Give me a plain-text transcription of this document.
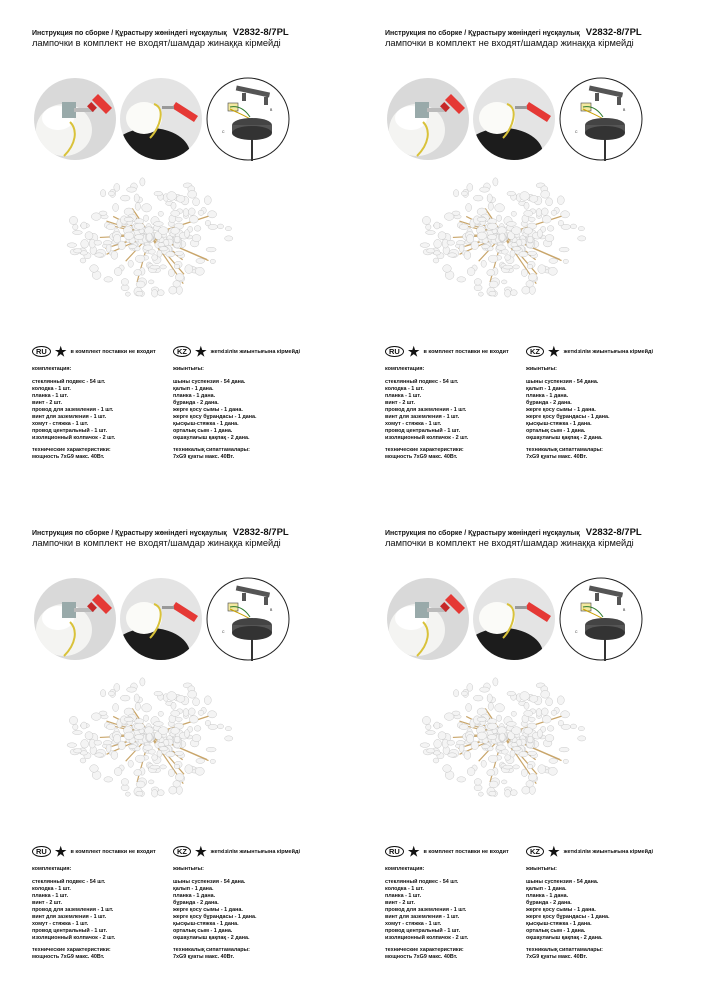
Инструкция по сборке / Құрастыру жөніндегі нұсқаулық V2832-8/7PL
лампочки в комплект не входят/шамдар жинаққа кірмейді
B
C
RU ★ в комплект поставки не входит	KZ ★ жеткізілім жиынтығына кірмейді
комплектация:
стеклянный подвес - 54 шт.
колодка - 1 шт.
планка - 1 шт.
винт - 2 шт.
провод для заземления - 1 шт.
винт для заземления - 1 шт.
хомут - стяжка - 1 шт.
провод центральный - 1 шт.
изоляционный колпачок - 2 шт.
технические характеристики:
мощность 7хG9 макс. 40Вт.
жиынтығы:
шыны суспензия - 54 дана.
қалып - 1 дана.
планка - 1 дана.
бұранда - 2 дана.
жерге қосу сымы - 1 дана.
жерге қосу бұрандасы - 1 дана.
қысқыш-стяжка - 1 дана.
орталық сым - 1 дана.
оқшаулағыш қақпақ - 2 дана.
техникалық сипаттамалары:
7хG9 қуаты макс. 40Вт.
Инструкция по сборке / Құрастыру жөніндегі нұсқаулық V2832-8/7PL
лампочки в комплект не входят/шамдар жинаққа кірмейді
B
C
RU ★ в комплект поставки не входит	KZ ★ жеткізілім жиынтығына кірмейді
комплектация:
стеклянный подвес - 54 шт.
колодка - 1 шт.
планка - 1 шт.
винт - 2 шт.
провод для заземления - 1 шт.
винт для заземления - 1 шт.
хомут - стяжка - 1 шт.
провод центральный - 1 шт.
изоляционный колпачок - 2 шт.
технические характеристики:
мощность 7хG9 макс. 40Вт.
жиынтығы:
шыны суспензия - 54 дана.
қалып - 1 дана.
планка - 1 дана.
бұранда - 2 дана.
жерге қосу сымы - 1 дана.
жерге қосу бұрандасы - 1 дана.
қысқыш-стяжка - 1 дана.
орталық сым - 1 дана.
оқшаулағыш қақпақ - 2 дана.
техникалық сипаттамалары:
7хG9 қуаты макс. 40Вт.
Инструкция по сборке / Құрастыру жөніндегі нұсқаулық V2832-8/7PL
лампочки в комплект не входят/шамдар жинаққа кірмейді
B
C
RU ★ в комплект поставки не входит	KZ ★ жеткізілім жиынтығына кірмейді
комплектация:
стеклянный подвес - 54 шт.
колодка - 1 шт.
планка - 1 шт.
винт - 2 шт.
провод для заземления - 1 шт.
винт для заземления - 1 шт.
хомут - стяжка - 1 шт.
провод центральный - 1 шт.
изоляционный колпачок - 2 шт.
технические характеристики:
мощность 7хG9 макс. 40Вт.
жиынтығы:
шыны суспензия - 54 дана.
қалып - 1 дана.
планка - 1 дана.
бұранда - 2 дана.
жерге қосу сымы - 1 дана.
жерге қосу бұрандасы - 1 дана.
қысқыш-стяжка - 1 дана.
орталық сым - 1 дана.
оқшаулағыш қақпақ - 2 дана.
техникалық сипаттамалары:
7хG9 қуаты макс. 40Вт.
Инструкция по сборке / Құрастыру жөніндегі нұсқаулық V2832-8/7PL
лампочки в комплект не входят/шамдар жинаққа кірмейді
B
C
RU ★ в комплект поставки не входит	KZ ★ жеткізілім жиынтығына кірмейді
комплектация:
стеклянный подвес - 54 шт.
колодка - 1 шт.
планка - 1 шт.
винт - 2 шт.
провод для заземления - 1 шт.
винт для заземления - 1 шт.
хомут - стяжка - 1 шт.
провод центральный - 1 шт.
изоляционный колпачок - 2 шт.
технические характеристики:
мощность 7хG9 макс. 40Вт.
жиынтығы:
шыны суспензия - 54 дана.
қалып - 1 дана.
планка - 1 дана.
бұранда - 2 дана.
жерге қосу сымы - 1 дана.
жерге қосу бұрандасы - 1 дана.
қысқыш-стяжка - 1 дана.
орталық сым - 1 дана.
оқшаулағыш қақпақ - 2 дана.
техникалық сипаттамалары:
7хG9 қуаты макс. 40Вт.
